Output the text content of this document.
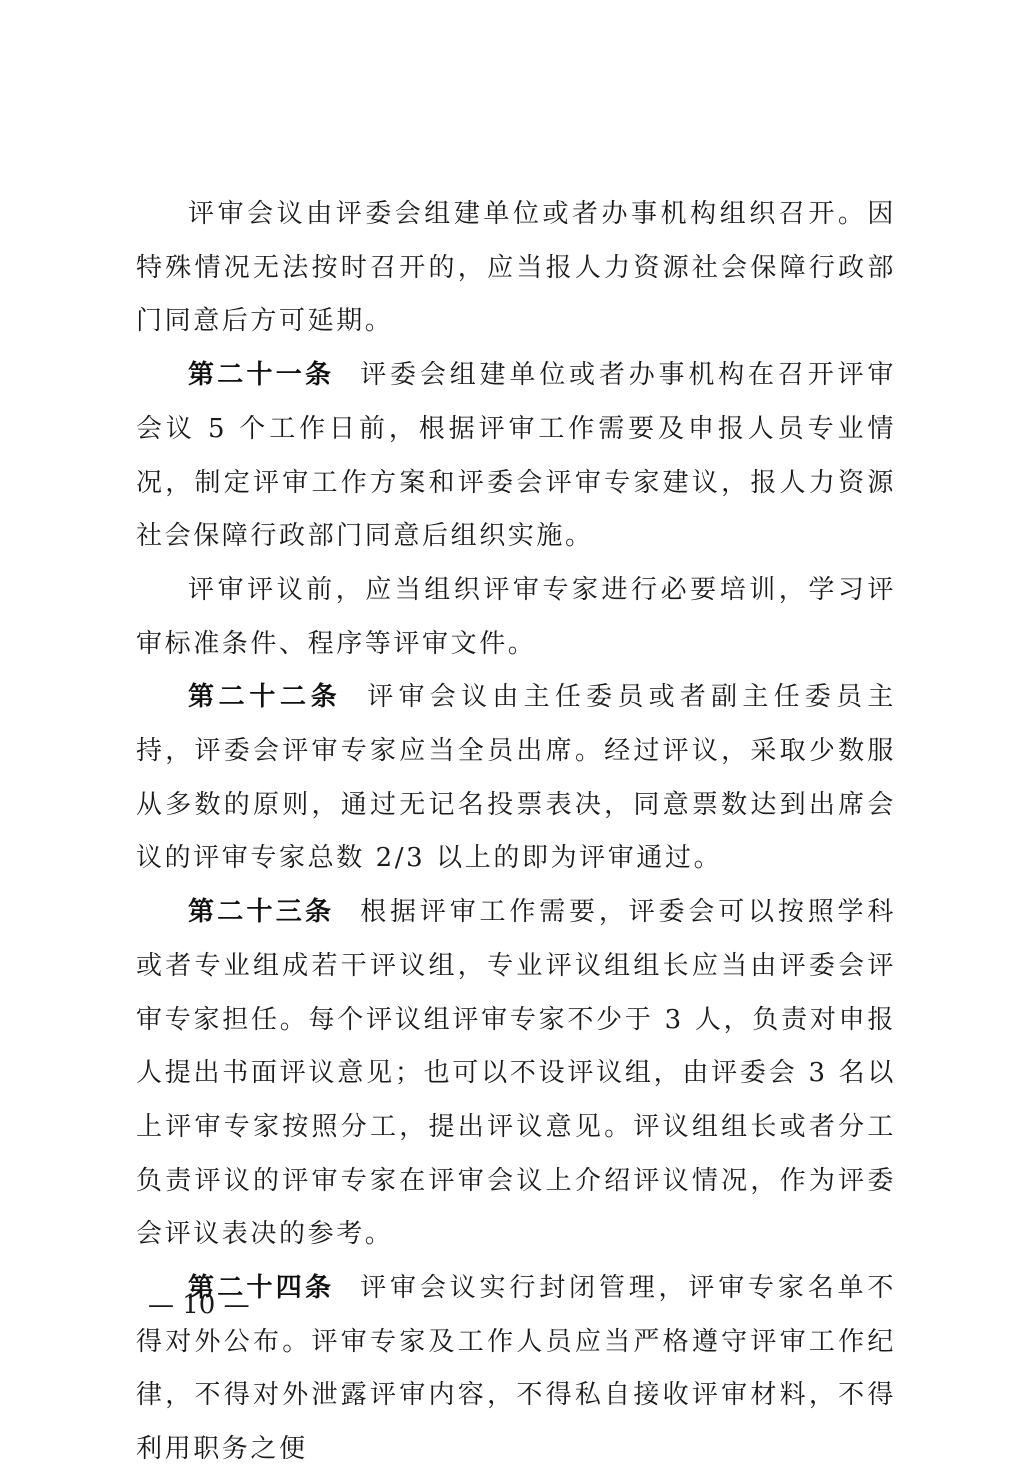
评审会议由评委会组建单位或者办事机构组织召开。因特殊情况无法按时召开的，应当报人力资源社会保障行政部门同意后方可延期。

第二十一条 评委会组建单位或者办事机构在召开评审会议 5 个工作日前，根据评审工作需要及申报人员专业情况，制定评审工作方案和评委会评审专家建议，报人力资源社会保障行政部门同意后组织实施。

评审评议前，应当组织评审专家进行必要培训，学习评审标准条件、程序等评审文件。

第二十二条 评审会议由主任委员或者副主任委员主持，评委会评审专家应当全员出席。经过评议，采取少数服从多数的原则，通过无记名投票表决，同意票数达到出席会议的评审专家总数 2/3 以上的即为评审通过。

第二十三条 根据评审工作需要，评委会可以按照学科或者专业组成若干评议组，专业评议组组长应当由评委会评审专家担任。每个评议组评审专家不少于 3 人，负责对申报人提出书面评议意见；也可以不设评议组，由评委会 3 名以上评审专家按照分工，提出评议意见。评议组组长或者分工负责评议的评审专家在评审会议上介绍评议情况，作为评委会评议表决的参考。

第二十四条 评审会议实行封闭管理，评审专家名单不得对外公布。评审专家及工作人员应当严格遵守评审工作纪律，不得对外泄露评审内容，不得私自接收评审材料，不得利用职务之便

— 10 —
